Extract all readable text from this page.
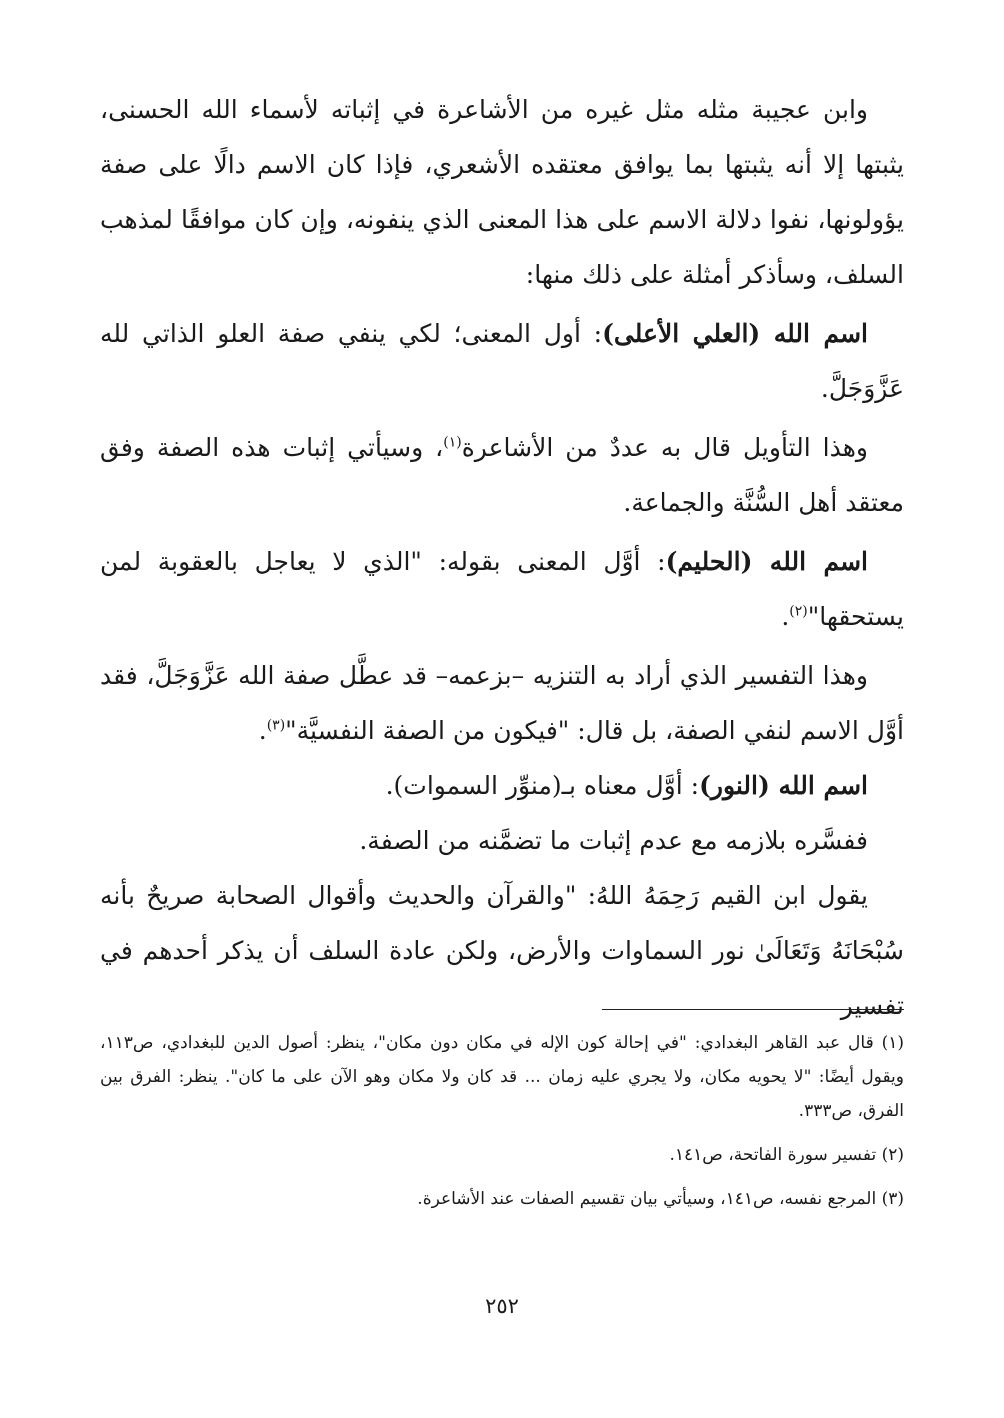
وابن عجيبة مثله مثل غيره من الأشاعرة في إثباته لأسماء الله الحسنى، يثبتها إلا أنه يثبتها بما يوافق معتقده الأشعري، فإذا كان الاسم دالًا على صفة يؤولونها، نفوا دلالة الاسم على هذا المعنى الذي ينفونه، وإن كان موافقًا لمذهب السلف، وسأذكر أمثلة على ذلك منها:

اسم الله (العلي الأعلى): أول المعنى؛ لكي ينفي صفة العلو الذاتي لله عَزَّوَجَلَّ.

وهذا التأويل قال به عددٌ من الأشاعرة$^{(١)}$، وسيأتي إثبات هذه الصفة وفق معتقد أهل السُّنَّة والجماعة.

اسم الله (الحليم): أوَّل المعنى بقوله: "الذي لا يعاجل بالعقوبة لمن يستحقها"$^{(٢)}$.

وهذا التفسير الذي أراد به التنزيه –بزعمه– قد عطَّل صفة الله عَزَّوَجَلَّ، فقد أوَّل الاسم لنفي الصفة، بل قال: "فيكون من الصفة النفسيَّة"$^{(٣)}$.

اسم الله (النور): أوَّل معناه بـ(منوِّر السموات).

ففسَّره بلازمه مع عدم إثبات ما تضمَّنه من الصفة.

يقول ابن القيم رَحِمَهُ اللهُ: "والقرآن والحديث وأقوال الصحابة صريحٌ بأنه سُبْحَانَهُ وَتَعَالَىٰ نور السماوات والأرض، ولكن عادة السلف أن يذكر أحدهم في تفسير

(١) قال عبد القاهر البغدادي: "في إحالة كون الإله في مكان دون مكان"، ينظر: أصول الدين للبغدادي، ص١١٣، ويقول أيضًا: "لا يحويه مكان، ولا يجري عليه زمان ... قد كان ولا مكان وهو الآن على ما كان". ينظر: الفرق بين الفرق، ص٣٣٣.

(٢) تفسير سورة الفاتحة، ص١٤١.

(٣) المرجع نفسه، ص١٤١، وسيأتي بيان تقسيم الصفات عند الأشاعرة.

٢٥٢
